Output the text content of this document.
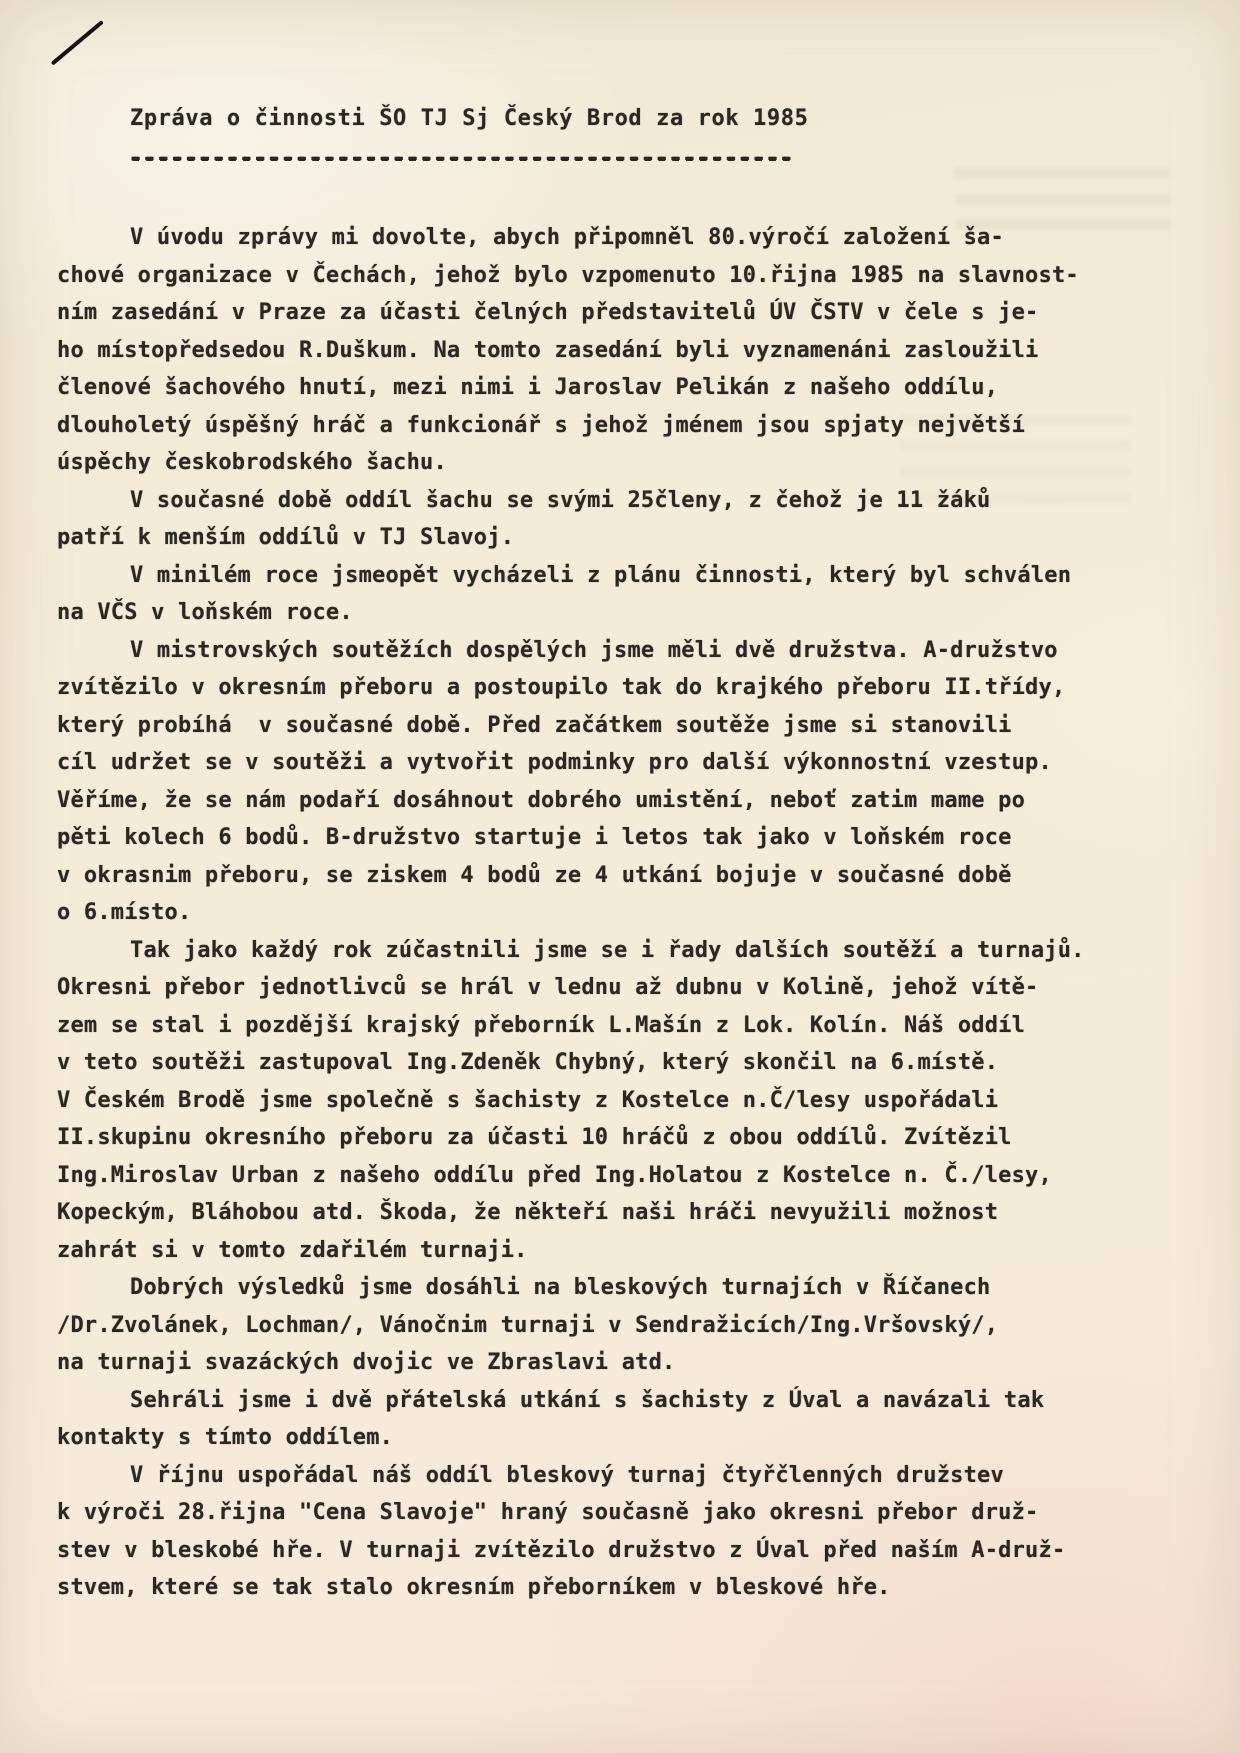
Zpráva o činnosti ŠO TJ Sj Český Brod za rok 1985
------------------------------------------------
V úvodu zprávy mi dovolte, abych připomněl 80.výročí založení ša-
chové organizace v Čechách, jehož bylo vzpomenuto 10.řijna 1985 na slavnost-
ním zasedání v Praze za účasti čelných představitelů ÚV ČSTV v čele s je-
ho místopředsedou R.Duškum. Na tomto zasedání byli vyznamenáni zasloužili
členové šachového hnutí, mezi nimi i Jaroslav Pelikán z našeho oddílu,
dlouholetý úspěšný hráč a funkcionář s jehož jménem jsou spjaty největší
úspěchy českobrodského šachu.
V současné době oddíl šachu se svými 25členy, z čehož je 11 žáků
patří k menším oddílů v TJ Slavoj.
V minilém roce jsmeopět vycházeli z plánu činnosti, který byl schválen
na VČS v loňském roce.
V mistrovských soutěžích dospělých jsme měli dvě družstva. A-družstvo
zvítězilo v okresním přeboru a postoupilo tak do krajkého přeboru II.třídy,
který probíhá  v současné době. Před začátkem soutěže jsme si stanovili
cíl udržet se v soutěži a vytvořit podminky pro další výkonnostní vzestup.
Věříme, že se nám podaří dosáhnout dobrého umistění, neboť zatim mame po
pěti kolech 6 bodů. B-družstvo startuje i letos tak jako v loňském roce
v okrasnim přeboru, se ziskem 4 bodů ze 4 utkání bojuje v současné době
o 6.místo.
Tak jako každý rok zúčastnili jsme se i řady dalších soutěží a turnajů.
Okresni přebor jednotlivců se hrál v lednu až dubnu v Kolině, jehož vítě-
zem se stal i pozdější krajský přeborník L.Mašín z Lok. Kolín. Náš oddíl
v teto soutěži zastupoval Ing.Zdeněk Chybný, který skončil na 6.místě.
V Českém Brodě jsme společně s šachisty z Kostelce n.Č/lesy uspořádali
II.skupinu okresního přeboru za účasti 10 hráčů z obou oddílů. Zvítězil
Ing.Miroslav Urban z našeho oddílu před Ing.Holatou z Kostelce n. Č./lesy,
Kopeckým, Bláhobou atd. Škoda, že někteří naši hráči nevyužili možnost
zahrát si v tomto zdařilém turnaji.
Dobrých výsledků jsme dosáhli na bleskových turnajích v Říčanech
/Dr.Zvolánek, Lochman/, Vánočnim turnaji v Sendražicích/Ing.Vršovský/,
na turnaji svazáckých dvojic ve Zbraslavi atd.
Sehráli jsme i dvě přátelská utkání s šachisty z Úval a navázali tak
kontakty s tímto oddílem.
V říjnu uspořádal náš oddíl bleskový turnaj čtyřčlenných družstev
k výroči 28.řijna "Cena Slavoje" hraný současně jako okresni přebor druž-
stev v bleskobé hře. V turnaji zvítězilo družstvo z Úval před naším A-druž-
stvem, které se tak stalo okresním přeborníkem v bleskové hře.
